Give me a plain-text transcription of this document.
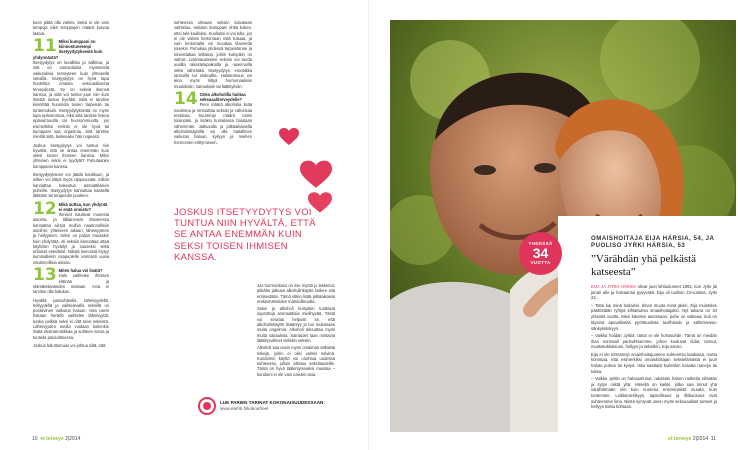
koen pitää olla valmis. Seksi ei ole vain tempoja eikä temppujen määrä korvaa laatua.

11 Miksi kumppani on kiinnostuneempi itsetyydytyksestä kuin yhdynnästä?
Itsetyydytys on luvallista ja sallittua, ja sitä on samanlaista myönteistä vaikutuksia terveyteen kuin yhteisellä seksillä. Itsetyydytys on hyvä tapa huolehtia omasta seksuaalisesta terveydestä. Se on seksiä itsensä kanssa, ja siitä voi toimia juuri niin kuin itsestä tuntuu hyvältä. Siitä ei tarvitse kiinnittää huomiota toisen tarpeisiin tai tuntemuksiin. Itsetyydytyksestä on myös lupa epäonnistua, eikä siitä tarvitse kokea epävarmuutta tai huonommuutta, jos esimerkiksi erektio ei ole hyvä tai kumppani saa orgasmia. Sitä tarvitse miettiä siitä, laskeaako hän nopeasti.
Joskus itsetyydytys voi tuntua niin hyvältä, että se antaa enemmän kuin seksi toisen ihmisen kanssa. Miksi yhteinen seksi ei tyydytä? Puhutaanko kumppanin kanssa.
Itsetyydytykseen voi jäädä koukkuun, ja siihen voi liittyä myös riippuvuutta. Silloin kannattaa hakeutua ammattilaisen puheille. Itsetyydytys kannattaa käsitellä lääkärin tai terapeutin puoleen.
12 Mikä auttaa, kun yhdyntä ei enää onnistu?
Ihmiset nauttivat monesta asiosta, ja tällainenкin tilanteessa kannattaa siirtyä muihin nautinnollisiin asioihin: yhteiseen aikaan, läheisyyteen ja hellyyteen. Seksi on paljon muutakin kuin yhdyntää, eli seksiin kannattaa ottaa käyttöön hyväilyt ja suuseksi sekä erilaiset seksilelut. Näistä keinoista löytyy kummallekin osapuolelle varmasti uusia nautinnollisia asioita.
13 Miten halua voi lisätä?
Halu vaihtelee ihmisen elämän ja elämäntilanteiden mukaan. Aina ei tarvitse olla halukas.
Hyvällä parisuhteella, läheisyydellä, hellyydellä ja vaihtelevalla seksillä on positiivinen vaikutus haluun. Aika usein halutun henkilö vaihtelee läheisyyttä, koska pelkkä seksi ei riitä toive seksistä. Läheisyyden avulla voidaan kuitenkin lisätä ekstraerotiikkaa ja suhteen arvoa ja tunteita parisuhteessa.
Joskus haluttomuus voi johtua siitä, että

suhteessa olevaan seksiin kaivataan vaihtelua. Haluton kumppani ehkä kokee, ettei tule kuulluksi. Kuulluksi ei voi tulla, jos ei ole valmis kertomaan mitä haluaa, ja vain kertomalla voi muuttaa tilannetta toiseksi. Puhukaa yhdessä tarpeistanne ja toiveistakaa sellaisia, joihin kumpikin on valmis. Lisämausteeksi seksiin voi tuoda uusilla rakastelupaikoilla ja -asennoilla seksi vähentää. Itsetyydytys, erootiikka tarinoilla tai elokuvilla. Haluttomuus voi aina myös liittyä hormonaalisiin muutoksiin, sairauksiin tai lääkityksiin.

14 Onko alkoholilla haittaa seksuaaliterveydelle?
Pieni määrä alkoholia lisää nautintoa ja rentouttaa seksiin ja vahvistaa erektiota. Suurempi määrä toimii toisinpäin, ja lisäksi humalassa halutaan vähemmän. Jatkuvalla ja pitkäaikaisella alkoholinkäytöllä voi olla haitallinen vaikutus haluun, kykyyn ja miehen hormonien erittymiseen.

Jos hormonitaso on itse myötä jo laskenut, pitkään jatkuva alkoholinkäyttö laskee sitä entisestään. Tämä sitten lisää pitkäaikaisia erektiohäiriöiden mahdollisuutta.

Seksi ja alkoholi kumpikin tuottavat suprotteja aromaattisia mielihyvää. Tästä voi seurata helposti se, että alkoholinkäyttö lisääntyy ja tuo mukanaan muita ongelmia. Alkoholi aiheuttaa myös muita sairauksia. Sairaudet taas nostavat lääkitysuhteet vieläkin seksiin.

Alkoholi saa usein myös omaiman sellaista riskejä, joihin ei olisi valmis selvinä. Kondomin käyttö voi unohtua uudessa suhteessa, jolloin altistuu seksitaudeille. Tämä on hyvä lääkintymiseksi muistaa – kondomi ei ole vain naisten asia.

JOSKUS ITSETYYDYTYS VOI TUNTUA NIIN HYVÄLTÄ, ETTÄ SE ANTAA ENEMMÄN KUIN SEKSI TOISEN IHMISEN KANSSA.
LUE PARIEN TARINAT KOKONAISUUDESSAAN:
www.etehti.fi/kokoufreet
10 et terveys 2|2014
OMAISHOITAJA EIJA HÄRSIA, 54, JA PUOLISO JYRKI HÄRSIA, 53
”Värähdän yhä pelkästä katseesta”

EIJA JA JYRKI HÄRSIA olivat juuri kihlautuneet 1982, kun Jyrki jäi junan alle ja halvaantui pysyvästi. Eija oli tuolloin 23-vuotias, Jyrki 22.

– Totta kai minä hoitaisin. Ilman muuta minä jäisin, Eija muistelee päätöstään ryhtyä kihlattunsa omaishoitajaksi. Nyt takana on 34 yhteistä vuotta. Mies käveleе autossaan, puhe on vaikeaa, kuti on täysinä apuvälineitä pyörätuolista tuolihissiin ja sähkövessa-sänkyksinkyyn.

– Vaikka hoidan Jyrkiä, tämä ei ole hoitosuhde. Tämä on meidän ihan normaali parisuhteemme, johon kuuluvat riidat, riemut, mustasukkaisuus, hellyys ja seksiikin, Eija sanoo.

Eija ei ole törmännyt omaishoitajuuteen suhteensa laadussa, mutta korostaa, että esimerkiksi omaishoitajan seksielämästä ei juuri haluta puhua tai kysyä. Isku saattaisi kuitenkin kaivata rasvoja tai tukea.

– Vaikka Jyrkki on halvaantunut, rakastan hänen ruskeita silmiään ja sytyn niistä yhä. Hänellä on kaikki, jotka saa minut yhä värähtämään niin kuin nuorena ensimmäistä muutta, kuin tuntemme. Leikkimieliisyys, lapsellisuus ja ilkikurisuus ovat suhteemme lima. Niistä syntyvät usein myös seksuaaliset tunteet ja hellyys toista kohtaan.

YHDESSÄ
34
VUOTTA
et terveys 2|2014 11
